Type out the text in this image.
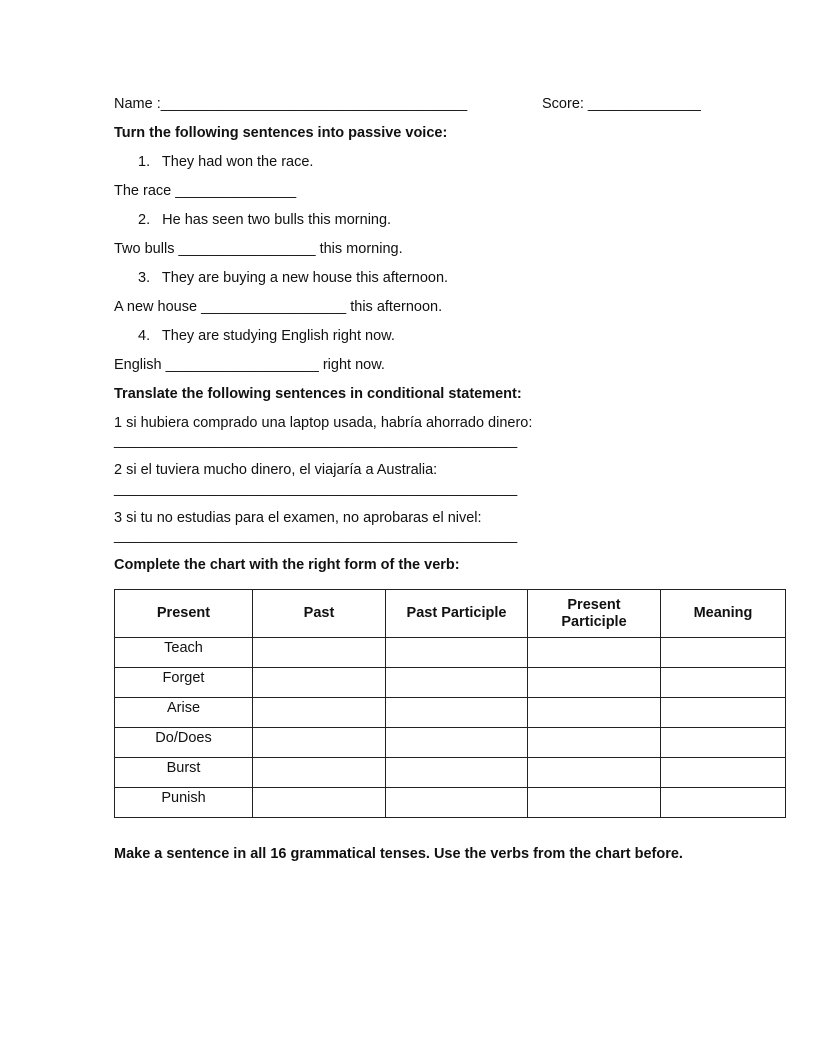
Name :______________________________________	Score: ______________
Turn the following sentences into passive voice:
1.   They had won the race.
The race _______________
2.   He has seen two bulls this morning.
Two bulls _________________ this morning.
3.   They are buying a new house this afternoon.
A new house __________________ this afternoon.
4.   They are studying English right now.
English ___________________ right now.
Translate the following sentences in conditional statement:
1 si hubiera comprado una laptop usada, habría ahorrado dinero:
__________________________________________________
2 si el tuviera mucho dinero, el viajaría a Australia:
__________________________________________________
3 si tu no estudias para el examen, no aprobaras el nivel:
__________________________________________________
Complete the chart with the right form of the verb:
Present	Past	Past Participle	Present Participle	Meaning
Teach				
Forget				
Arise				
Do/Does				
Burst				
Punish				
Make a sentence in all 16 grammatical tenses. Use the verbs from the chart before.
